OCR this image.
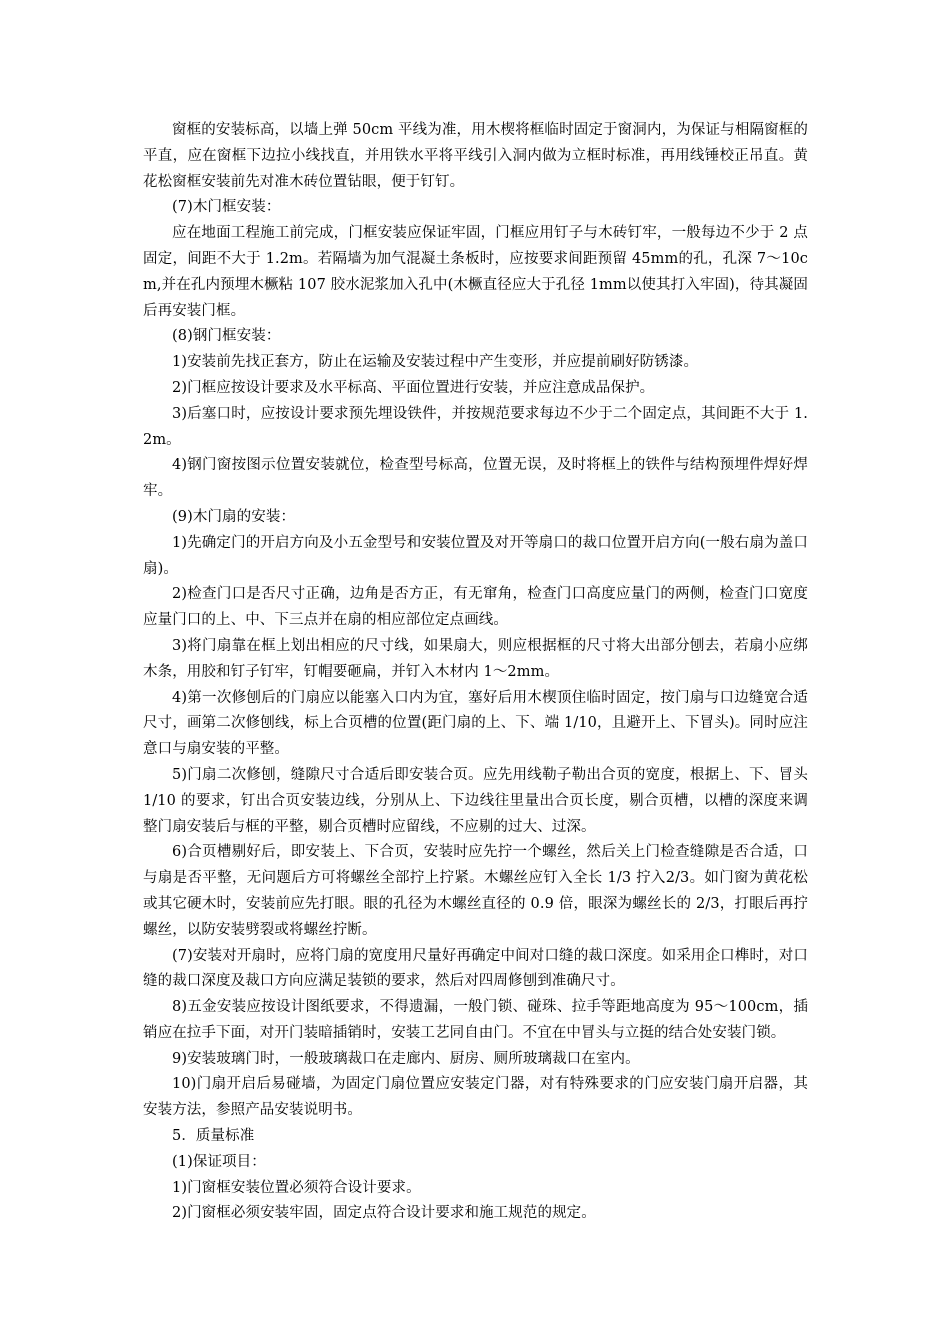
窗框的安装标高，以墙上弹 50cm 平线为准，用木楔将框临时固定于窗洞内，为保证与相隔窗框的平直，应在窗框下边拉小线找直，并用铁水平将平线引入洞内做为立框时标准，再用线锤校正吊直。黄花松窗框安装前先对准木砖位置钻眼，便于钉钉。

(7)木门框安装：

应在地面工程施工前完成，门框安装应保证牢固，门框应用钉子与木砖钉牢，一般每边不少于 2 点固定，间距不大于 1.2m。若隔墙为加气混凝土条板时，应按要求间距预留 45mm的孔，孔深 7～10cm,并在孔内预埋木橛粘 107 胶水泥浆加入孔中(木橛直径应大于孔径 1mm以使其打入牢固)，待其凝固后再安装门框。

(8)钢门框安装：

1)安装前先找正套方，防止在运输及安装过程中产生变形，并应提前刷好防锈漆。

2)门框应按设计要求及水平标高、平面位置进行安装，并应注意成品保护。

3)后塞口时，应按设计要求预先埋设铁件，并按规范要求每边不少于二个固定点，其间距不大于 1.2m。

4)钢门窗按图示位置安装就位，检查型号标高，位置无误，及时将框上的铁件与结构预埋件焊好焊牢。

(9)木门扇的安装：

1)先确定门的开启方向及小五金型号和安装位置及对开等扇口的裁口位置开启方向(一般右扇为盖口扇)。

2)检查门口是否尺寸正确，边角是否方正，有无窜角，检查门口高度应量门的两侧，检查门口宽度应量门口的上、中、下三点并在扇的相应部位定点画线。

3)将门扇靠在框上划出相应的尺寸线，如果扇大，则应根据框的尺寸将大出部分刨去，若扇小应绑木条，用胶和钉子钉牢，钉帽要砸扁，并钉入木材内 1～2mm。

4)第一次修刨后的门扇应以能塞入口内为宜，塞好后用木楔顶住临时固定，按门扇与口边缝宽合适尺寸，画第二次修刨线，标上合页槽的位置(距门扇的上、下、端 1/10，且避开上、下冒头)。同时应注意口与扇安装的平整。

5)门扇二次修刨，缝隙尺寸合适后即安装合页。应先用线勒子勒出合页的宽度，根据上、下、冒头 1/10 的要求，钉出合页安装边线，分别从上、下边线往里量出合页长度，剔合页槽，以槽的深度来调整门扇安装后与框的平整，剔合页槽时应留线，不应剔的过大、过深。

6)合页槽剔好后，即安装上、下合页，安装时应先拧一个螺丝，然后关上门检查缝隙是否合适，口与扇是否平整，无问题后方可将螺丝全部拧上拧紧。木螺丝应钉入全长 1/3 拧入2/3。如门窗为黄花松或其它硬木时，安装前应先打眼。眼的孔径为木螺丝直径的 0.9 倍，眼深为螺丝长的 2/3，打眼后再拧螺丝，以防安装劈裂或将螺丝拧断。

(7)安装对开扇时，应将门扇的宽度用尺量好再确定中间对口缝的裁口深度。如采用企口榫时，对口缝的裁口深度及裁口方向应满足装锁的要求，然后对四周修刨到准确尺寸。

8)五金安装应按设计图纸要求，不得遗漏，一般门锁、碰珠、拉手等距地高度为 95～100cm，插销应在拉手下面，对开门装暗插销时，安装工艺同自由门。不宜在中冒头与立挺的结合处安装门锁。

9)安装玻璃门时，一般玻璃裁口在走廊内、厨房、厕所玻璃裁口在室内。

10)门扇开启后易碰墙，为固定门扇位置应安装定门器，对有特殊要求的门应安装门扇开启器，其安装方法，参照产品安装说明书。

5．质量标准

(1)保证项目：

1)门窗框安装位置必须符合设计要求。

2)门窗框必须安装牢固，固定点符合设计要求和施工规范的规定。
